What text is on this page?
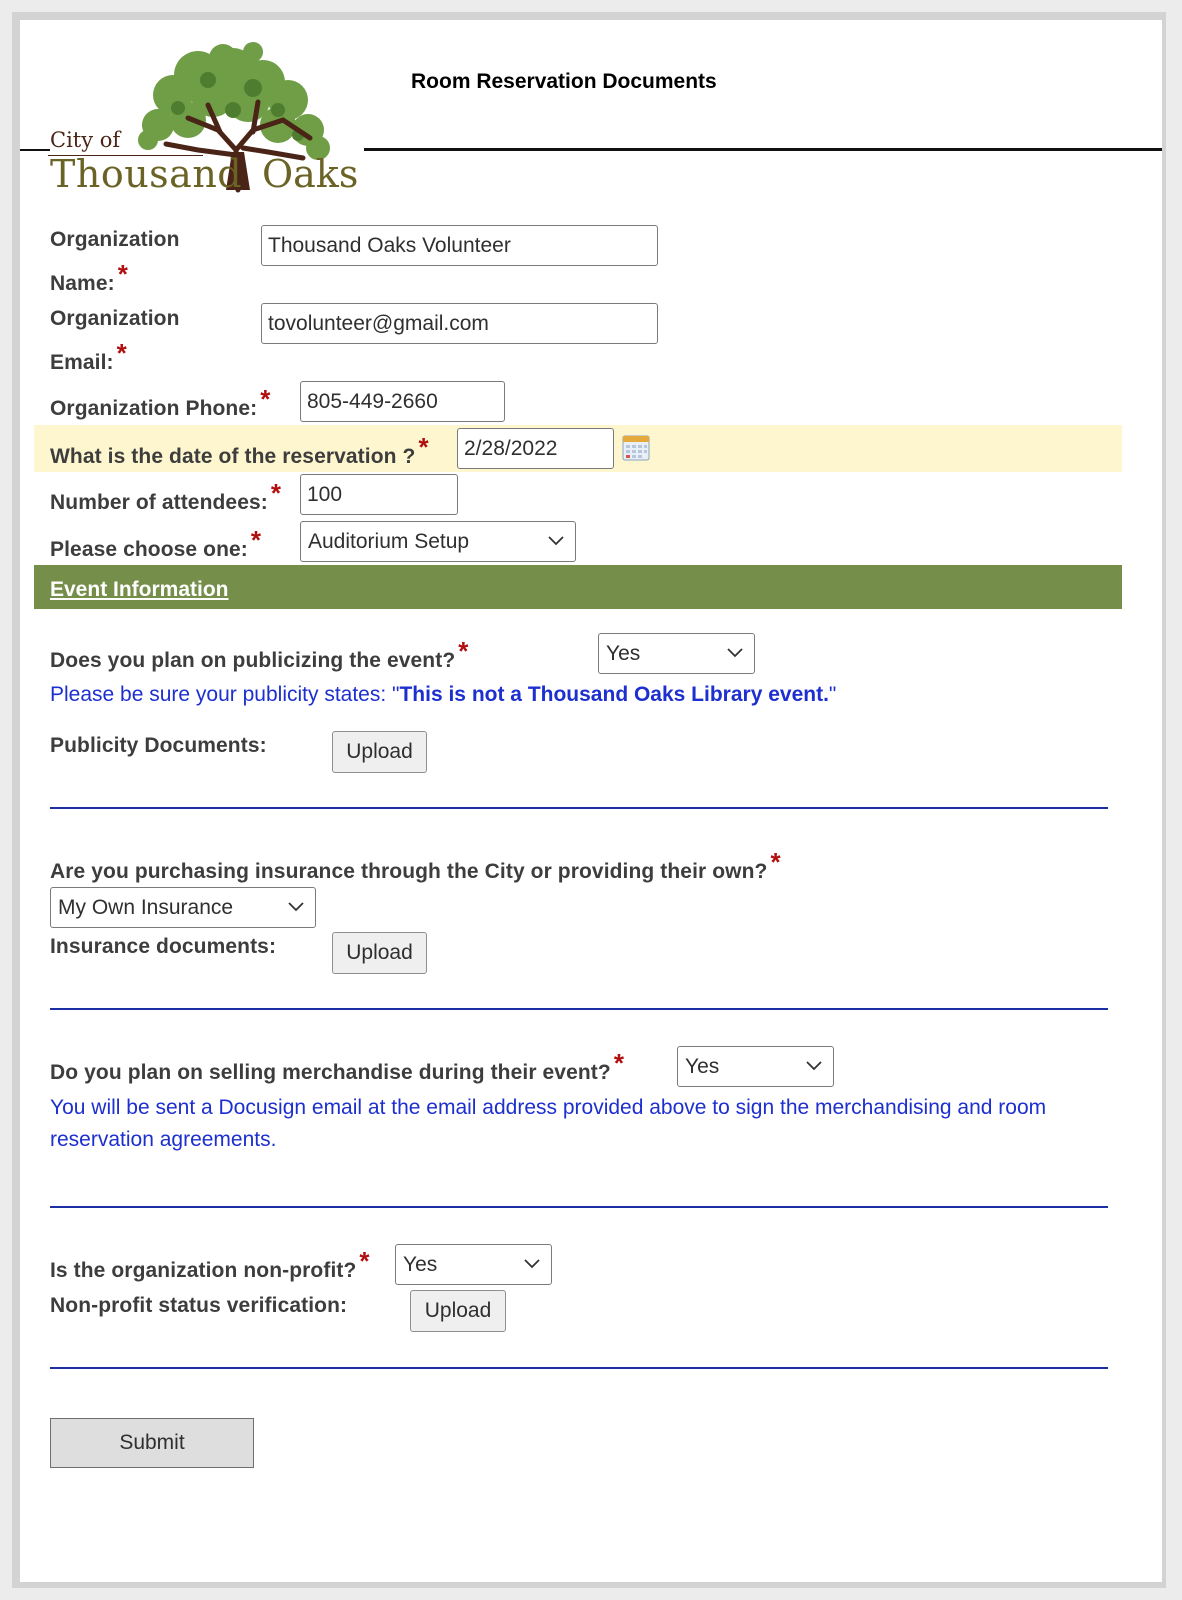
City of
Thousand Oaks
Room Reservation Documents
Organization
Name: *
Thousand Oaks Volunteer
Organization
Email: *
tovolunteer@gmail.com
Organization Phone: *
805-449-2660
What is the date of the reservation ? *
2/28/2022
Number of attendees: *
100
Please choose one: *	Auditorium Setup
Event Information
Does you plan on publicizing the event? *	Yes
Please be sure your publicity states: "This is not a Thousand Oaks Library event."
Publicity Documents:	Upload
Are you purchasing insurance through the City or providing their own? *
My Own Insurance
Insurance documents:	Upload
Do you plan on selling merchandise during their event? *	Yes
You will be sent a Docusign email at the email address provided above to sign the merchandising and room
reservation agreements.
Is the organization non-profit? *	Yes
Non-profit status verification:	Upload
Submit
